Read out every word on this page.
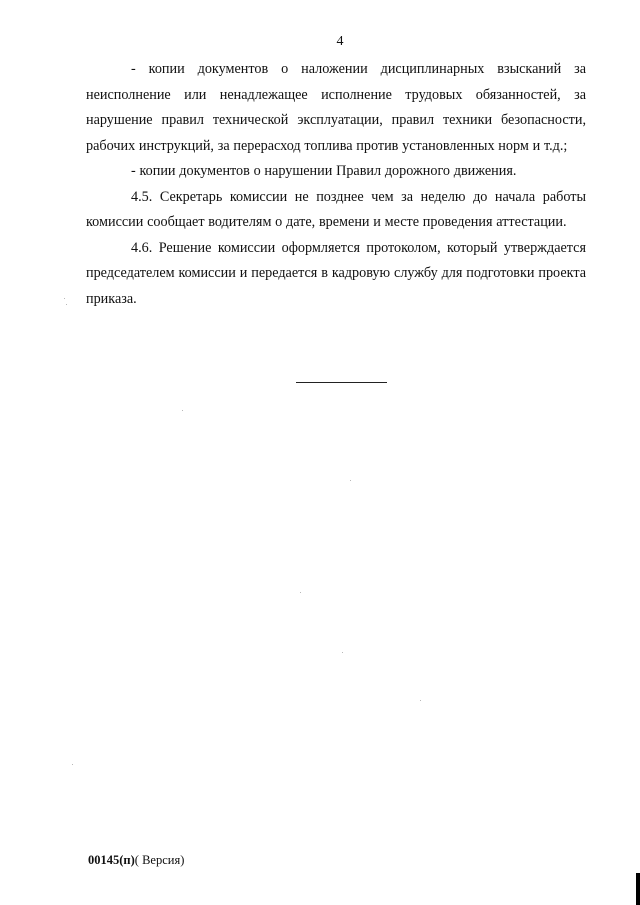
4

- копии документов о наложении дисциплинарных взысканий за неисполнение или ненадлежащее исполнение трудовых обязанностей, за нарушение правил технической эксплуатации, правил техники безопасности, рабочих инструкций, за перерасход топлива против установленных норм и т.д.;

- копии документов о нарушении Правил дорожного движения.

4.5. Секретарь комиссии не позднее чем за неделю до начала работы комиссии сообщает водителям о дате, времени и месте проведения аттестации.

4.6. Решение комиссии оформляется протоколом, который утверждается председателем комиссии и передается в кадровую службу для подготовки проекта приказа.

00145(п)( Версия)
